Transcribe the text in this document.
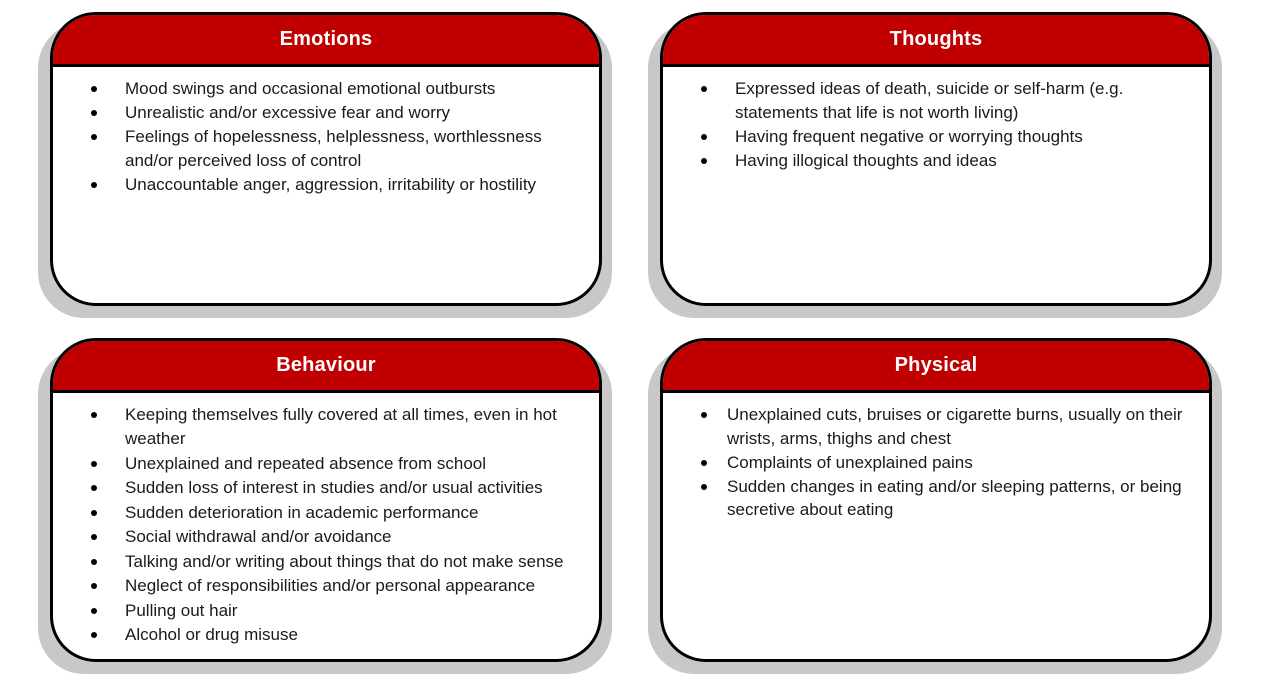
Emotions
Mood swings and occasional emotional outbursts
Unrealistic and/or excessive fear and worry
Feelings of hopelessness, helplessness, worthlessness and/or perceived loss of control
Unaccountable anger, aggression, irritability or hostility
Thoughts
Expressed ideas of death, suicide or self-harm (e.g. statements that life is not worth living)
Having frequent negative or worrying thoughts
Having illogical thoughts and ideas
Behaviour
Keeping themselves fully covered at all times, even in hot weather
Unexplained and repeated absence from school
Sudden loss of interest in studies and/or usual activities
Sudden deterioration in academic performance
Social withdrawal and/or avoidance
Talking and/or writing about things that do not make sense
Neglect of responsibilities and/or personal appearance
Pulling out hair
Alcohol or drug misuse
Physical
Unexplained cuts, bruises or cigarette burns, usually on their wrists, arms, thighs and chest
Complaints of unexplained pains
Sudden changes in eating and/or sleeping patterns, or being secretive about eating
